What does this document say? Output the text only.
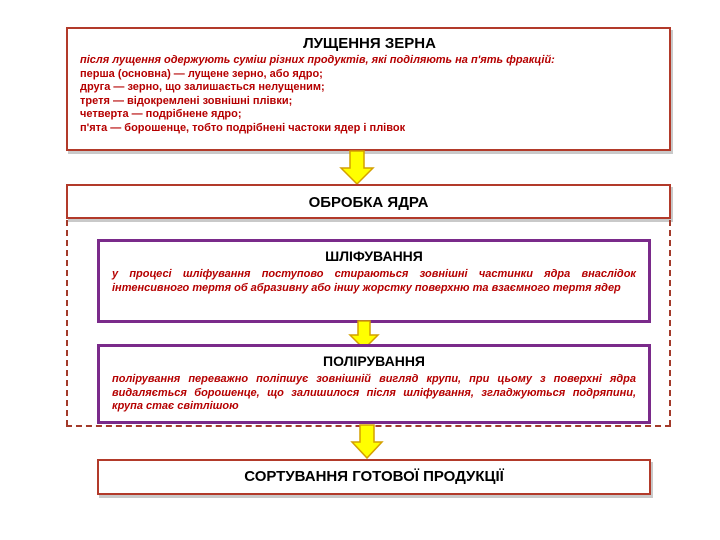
ЛУЩЕННЯ ЗЕРНА
після лущення одержують суміш різних продуктів, які поділяють на п'ять фракцій:
перша (основна) — лущене зерно, або ядро;
друга — зерно, що залишається нелущеним;
третя — відокремлені зовнішні плівки;
четверта — подрібнене ядро;
п'ята — борошенце, тобто подрібнені частоки ядер і плівок
ОБРОБКА ЯДРА
ШЛІФУВАННЯ
у процесі шліфування поступово стираються зовнішні частинки ядра внаслідок інтенсивного тертя об абразивну або іншу жорстку поверхню та взаємного тертя ядер
ПОЛІРУВАННЯ
полірування переважно поліпшує зовнішній вигляд крупи, при цьому з поверхні ядра видаляється борошенце, що залишилося після шліфування, згладжуються подряпини, крупа стає світлішою
СОРТУВАННЯ ГОТОВОЇ ПРОДУКЦІЇ
